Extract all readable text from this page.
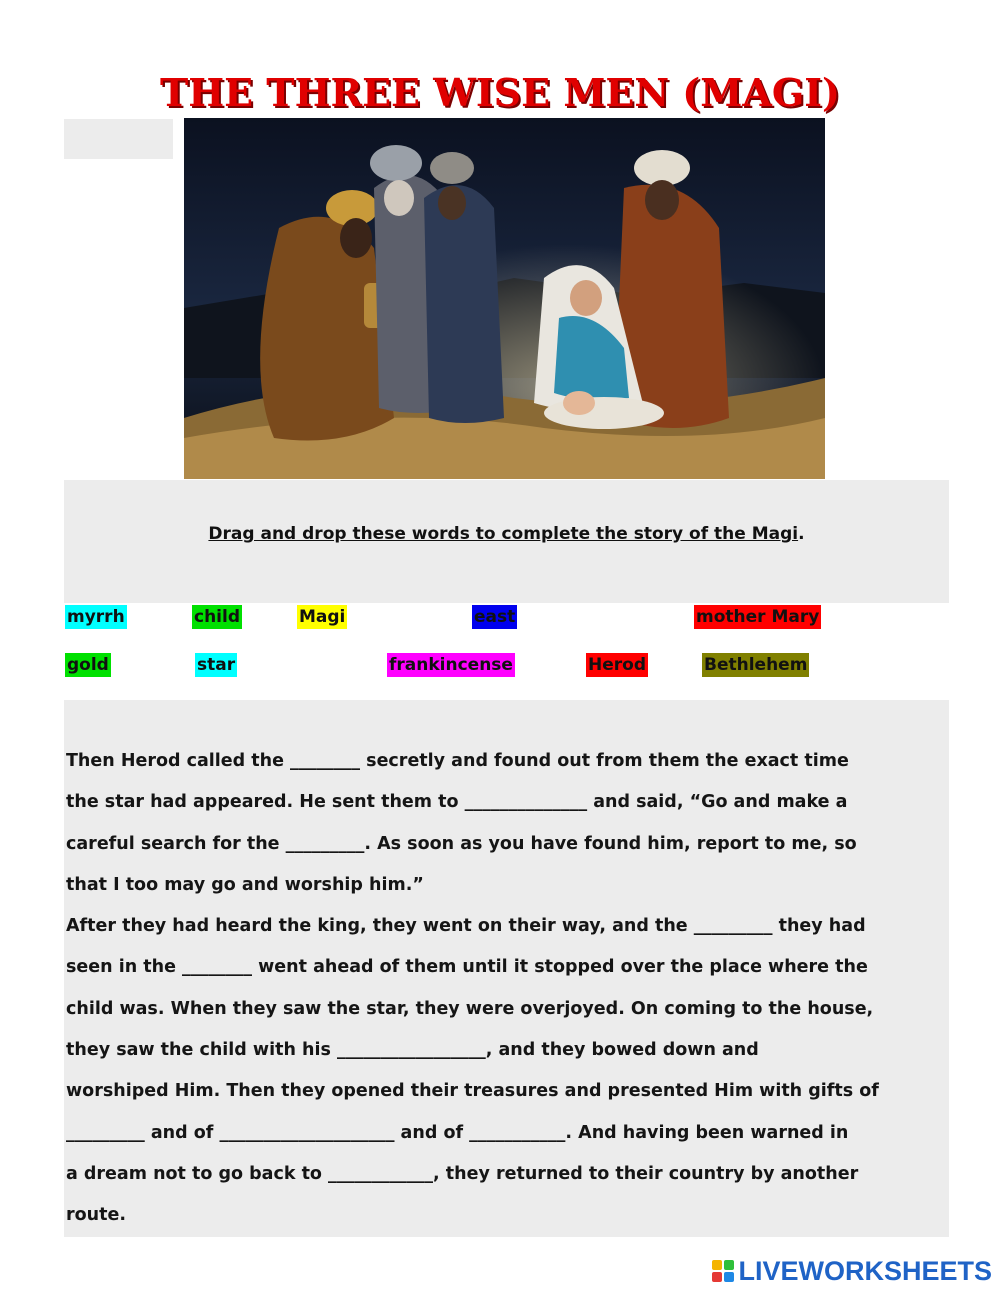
THE THREE WISE MEN (MAGI)
Drag and drop these words to complete the story of the Magi.
myrrh	child	Magi	east	mother Mary
gold	star	frankincense	Herod	Bethlehem

Then Herod called the ________ secretly and found out from them the exact time
the star had appeared. He sent them to ______________ and said, “Go and make a
careful search for the _________. As soon as you have found him, report to me, so
that I too may go and worship him.”
After they had heard the king, they went on their way, and the _________ they had
seen in the ________ went ahead of them until it stopped over the place where the
child was. When they saw the star, they were overjoyed. On coming to the house,
they saw the child with his _________________, and they bowed down and
worshiped Him. Then they opened their treasures and presented Him with gifts of
_________ and of ____________________ and of ___________. And having been warned in
a dream not to go back to ____________, they returned to their country by another
route.

LIVEWORKSHEETS
